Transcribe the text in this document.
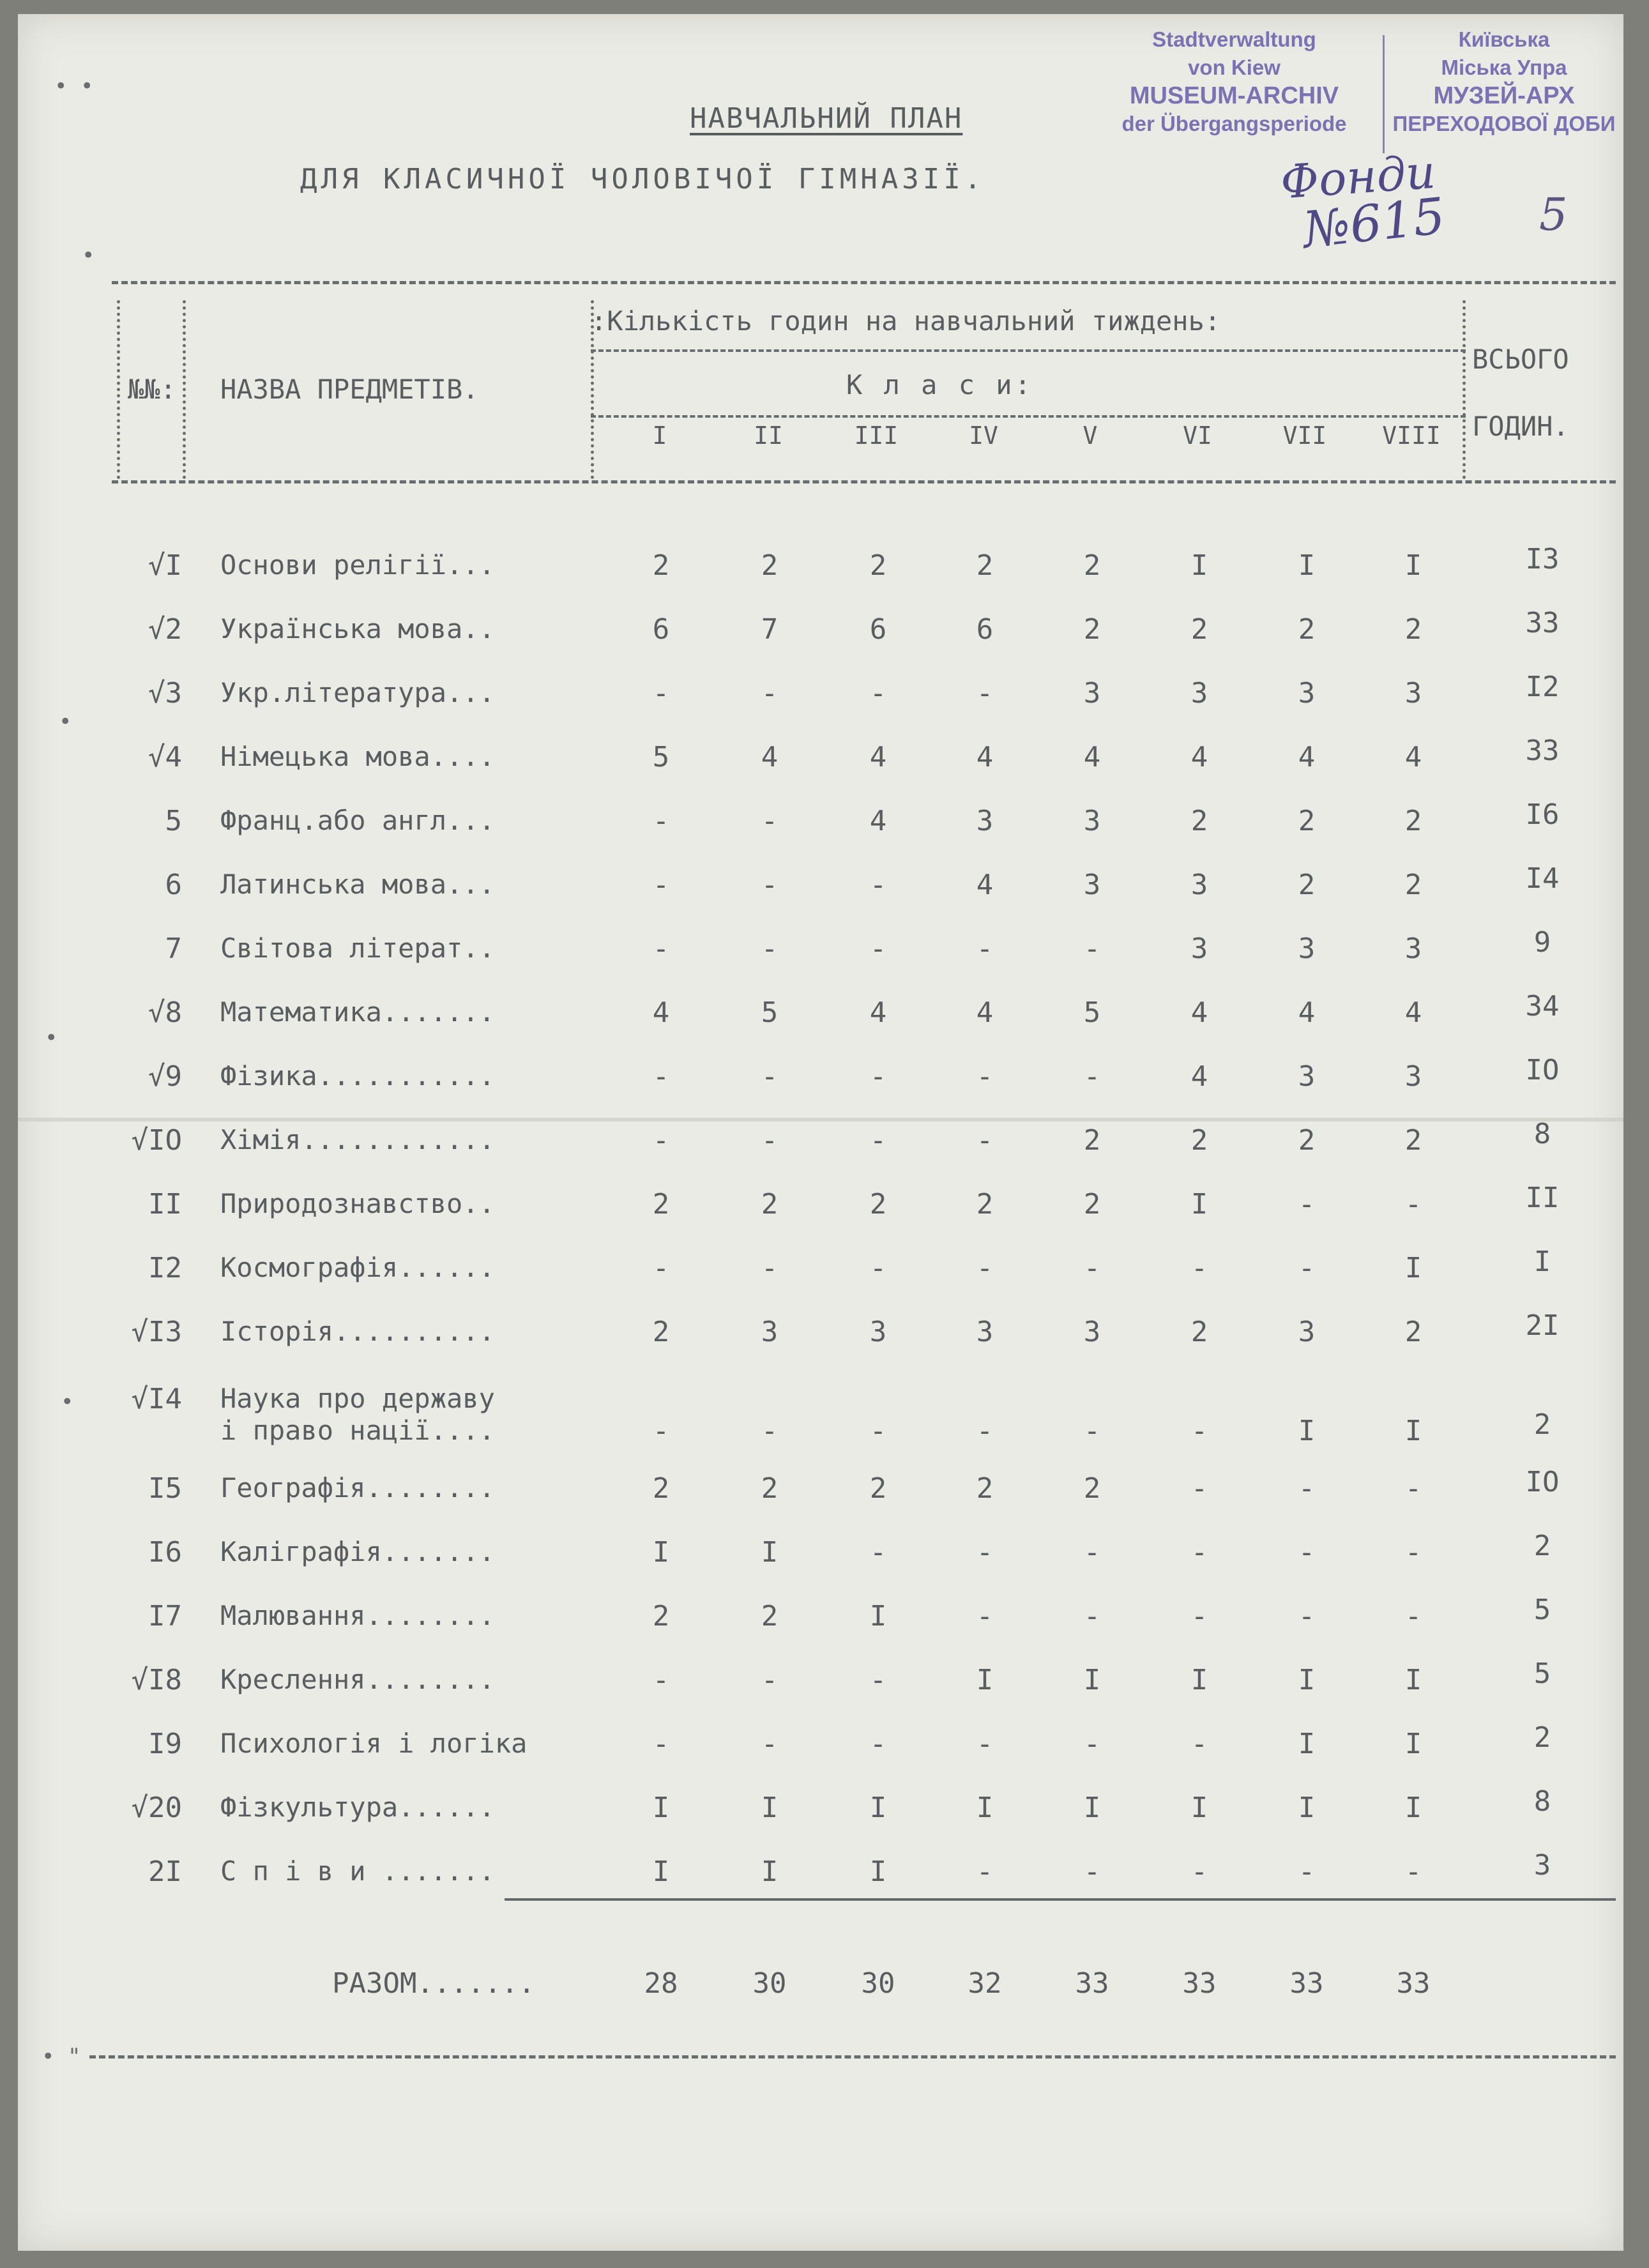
Stadtverwaltung
von Kiew
MUSEUM-ARCHIV
der Übergangsperiode
Київська
Міська Упра
МУЗЕЙ-АРХ
ПЕРЕХОДОВОЇ ДОБИ
Фонди
№615 5
НАВЧАЛЬНИЙ ПЛАН
ДЛЯ КЛАСИЧНОЇ ЧОЛОВІЧОЇ ГІМНАЗІЇ.
№№: НАЗВА ПРЕДМЕТІВ.
:Кількість годин на навчальний тиждень:
К л а с и:
ВСЬОГО ГОДИН.
I	II	III	IV	V	VI	VII	VIII
√I Основи релігії...	2	2	2	2	2	I	I	I	I3
√2 Українська мова..	6	7	6	6	2	2	2	2	33
√3 Укр.література...	-	-	-	-	3	3	3	3	I2
√4 Німецька мова....	5	4	4	4	4	4	4	4	33
5 Франц.або англ...	-	-	4	3	3	2	2	2	I6
6 Латинська мова...	-	-	-	4	3	3	2	2	I4
7 Світова літерат..	-	-	-	-	-	3	3	3	9
√8 Математика.......	4	5	4	4	5	4	4	4	34
√9 Фізика...........	-	-	-	-	-	4	3	3	IO
√IO Хімія............	-	-	-	-	2	2	2	2	8
II Природознавство..	2	2	2	2	2	I	-	-	II
I2 Космографія......	-	-	-	-	-	-	-	I	I
√I3 Історія..........	2	3	3	3	3	2	3	2	2I
√I4 Наука про державу
і право нації....	-	-	-	-	-	-	I	I	2
I5 Географія........	2	2	2	2	2	-	-	-	IO
I6 Каліграфія.......	I	I	-	-	-	-	-	-	2
I7 Малювання........	2	2	I	-	-	-	-	-	5
√I8 Креслення........	-	-	-	I	I	I	I	I	5
I9 Психологія і логіка	-	-	-	-	-	-	I	I	2
√20 Фізкультура......	I	I	I	I	I	I	I	I	8
2I С п і в и .......	I	I	I	-	-	-	-	-	3
РАЗОМ.......	28	30	30	32	33	33	33	33
• •
•
•
•
•
• "
